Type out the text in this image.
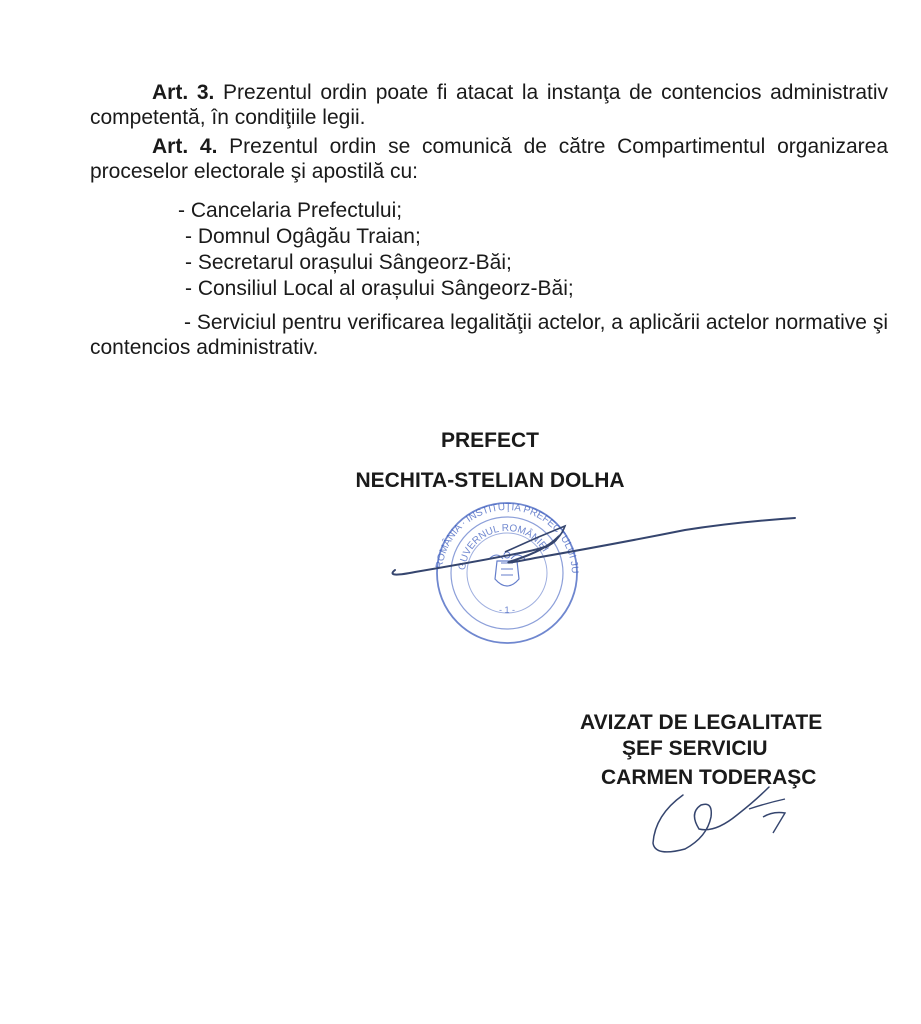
Art. 3. Prezentul ordin poate fi atacat la instanţa de contencios administrativ competentă, în condiţiile legii.

Art. 4. Prezentul ordin se comunică de către Compartimentul organizarea proceselor electorale şi apostilă cu:

- Cancelaria Prefectului;

- Domnul Ogâgău Traian;

- Secretarul orașului Sângeorz-Băi;

- Consiliul Local al orașului Sângeorz-Băi;

- Serviciul pentru verificarea legalităţii actelor, a aplicării actelor normative şi contencios administrativ.

PREFECT

NECHITA-STELIAN DOLHA

ROMÂNIA · INSTITUŢIA PREFECTULUI JUDEŢUL BISTRIŢA-NĂSĂUD
GUVERNUL ROMÂNIEI
- 1 -

AVIZAT DE LEGALITATE

ŞEF SERVICIU

CARMEN TODERAŞC
